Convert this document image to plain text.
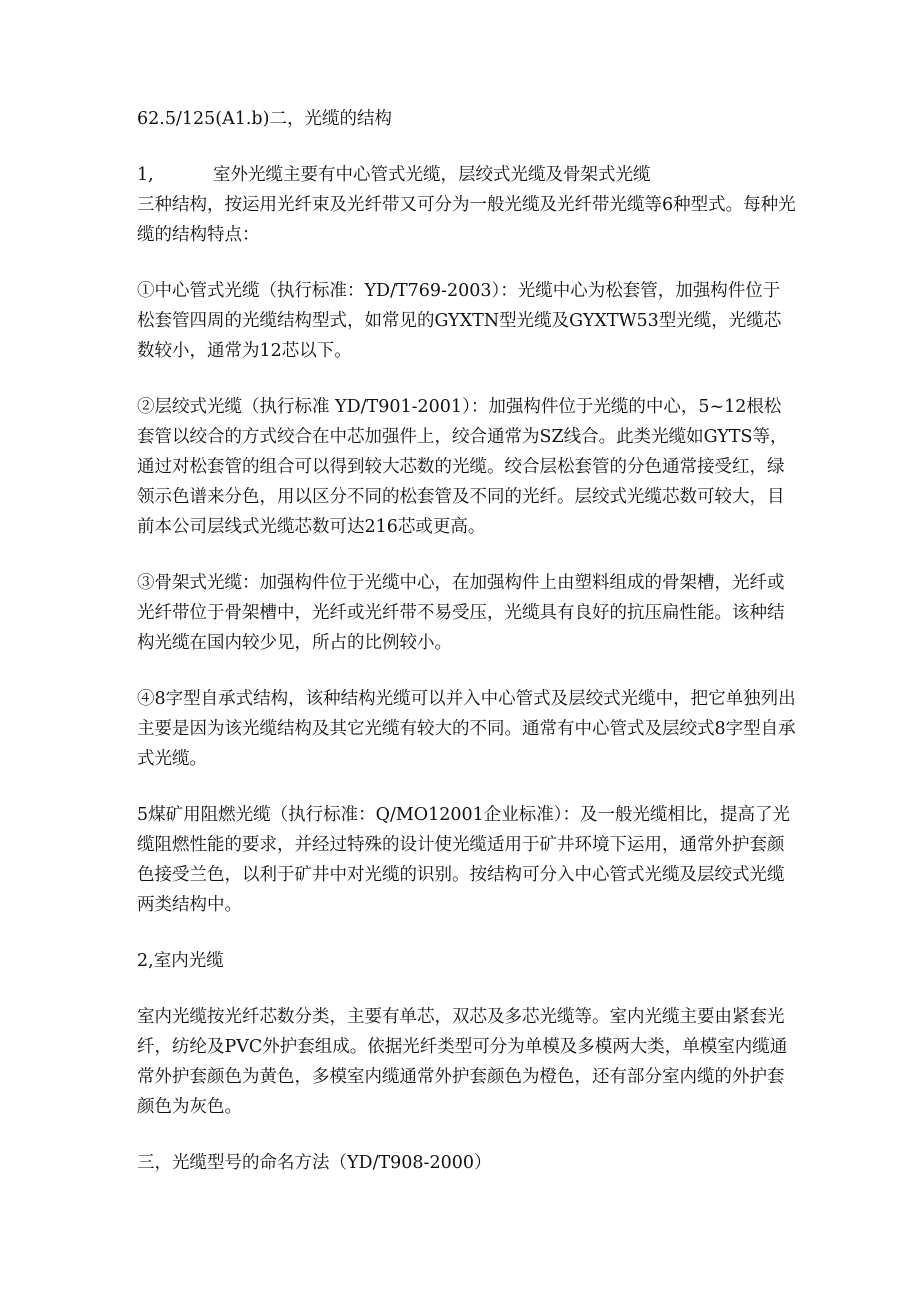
62.5/125(A1.b)二，光缆的结构

1,	室外光缆主要有中心管式光缆，层绞式光缆及骨架式光缆

三种结构，按运用光纤束及光纤带又可分为一般光缆及光纤带光缆等6种型式。每种光缆的结构特点：

①中心管式光缆（执行标准：YD/T769-2003）：光缆中心为松套管，加强构件位于松套管四周的光缆结构型式，如常见的GYXTN型光缆及GYXTW53型光缆，光缆芯数较小，通常为12芯以下。

②层绞式光缆（执行标准 YD/T901-2001）：加强构件位于光缆的中心，5~12根松套管以绞合的方式绞合在中芯加强件上，绞合通常为SZ线合。此类光缆如GYTS等，通过对松套管的组合可以得到较大芯数的光缆。绞合层松套管的分色通常接受红，绿领示色谱来分色，用以区分不同的松套管及不同的光纤。层绞式光缆芯数可较大，目前本公司层线式光缆芯数可达216芯或更高。

③骨架式光缆：加强构件位于光缆中心，在加强构件上由塑料组成的骨架槽，光纤或光纤带位于骨架槽中，光纤或光纤带不易受压，光缆具有良好的抗压扁性能。该种结构光缆在国内较少见，所占的比例较小。

④8字型自承式结构，该种结构光缆可以并入中心管式及层绞式光缆中，把它单独列出主要是因为该光缆结构及其它光缆有较大的不同。通常有中心管式及层绞式8字型自承式光缆。

5煤矿用阻燃光缆（执行标准：Q/MO12001企业标准）：及一般光缆相比，提高了光缆阻燃性能的要求，并经过特殊的设计使光缆适用于矿井环境下运用，通常外护套颜色接受兰色，以利于矿井中对光缆的识别。按结构可分入中心管式光缆及层绞式光缆两类结构中。

2,室内光缆

室内光缆按光纤芯数分类，主要有单芯，双芯及多芯光缆等。室内光缆主要由紧套光纤，纺纶及PVC外护套组成。依据光纤类型可分为单模及多模两大类，单模室内缆通常外护套颜色为黄色，多模室内缆通常外护套颜色为橙色，还有部分室内缆的外护套颜色为灰色。

三，光缆型号的命名方法（YD/T908-2000）
